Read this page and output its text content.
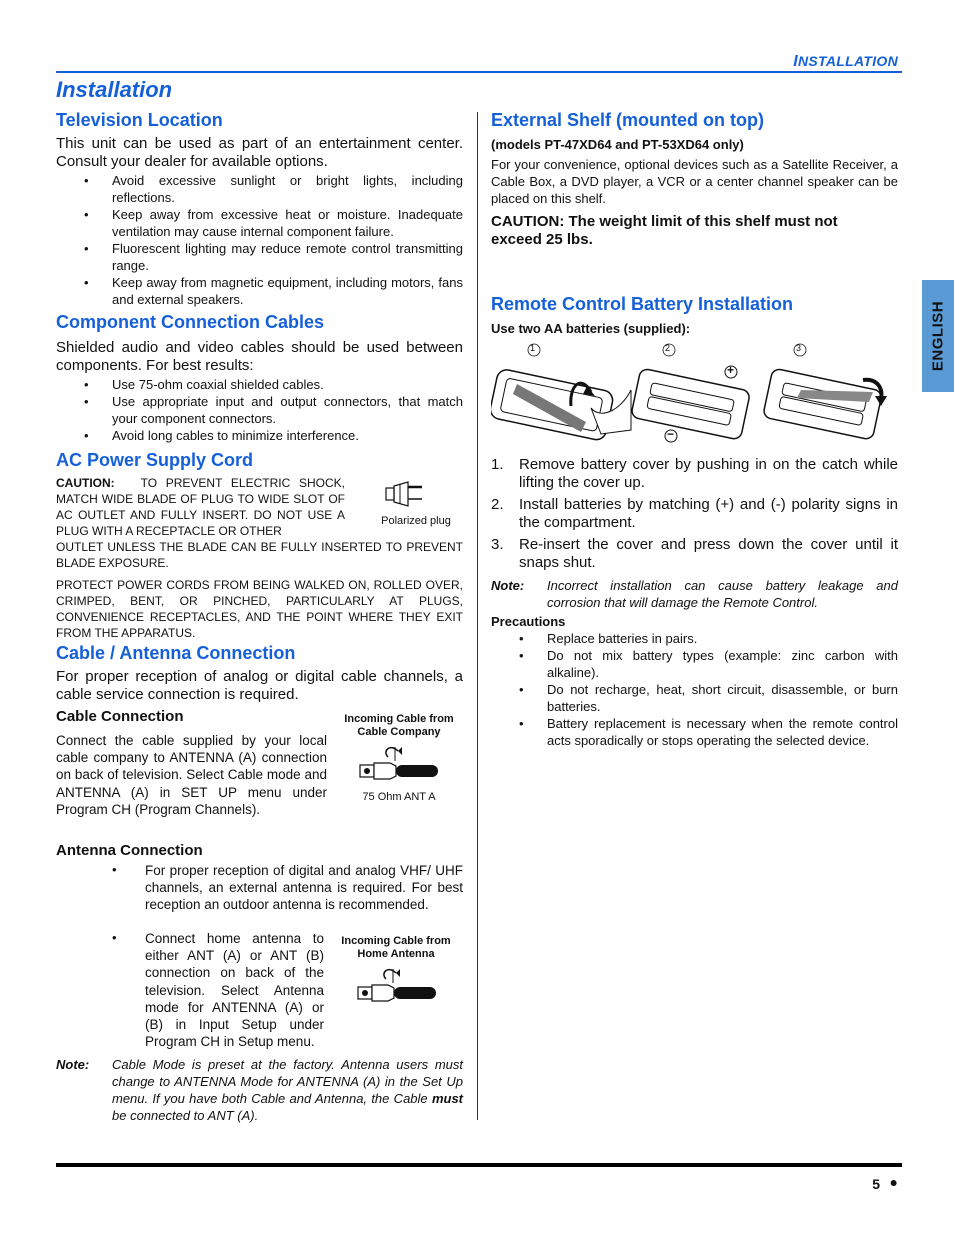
INSTALLATION
Installation
ENGLISH
Television Location

This unit can be used as part of an entertainment center. Consult your dealer for available options.

• Avoid excessive sunlight or bright lights, including reflections.
• Keep away from excessive heat or moisture. Inadequate ventilation may cause internal component failure.
• Fluorescent lighting may reduce remote control transmitting range.
• Keep away from magnetic equipment, including motors, fans and external speakers.
Component Connection Cables

Shielded audio and video cables should be used between components. For best results:

• Use 75-ohm coaxial shielded cables.
• Use appropriate input and output connectors, that match your component connectors.
• Avoid long cables to minimize interference.
AC Power Supply Cord

CAUTION: TO PREVENT ELECTRIC SHOCK, MATCH WIDE BLADE OF PLUG TO WIDE SLOT OF AC OUTLET AND FULLY INSERT. DO NOT USE A PLUG WITH A RECEPTACLE OR OTHER

OUTLET UNLESS THE BLADE CAN BE FULLY INSERTED TO PREVENT BLADE EXPOSURE.

PROTECT POWER CORDS FROM BEING WALKED ON, ROLLED OVER, CRIMPED, BENT, OR PINCHED, PARTICULARLY AT PLUGS, CONVENIENCE RECEPTACLES, AND THE POINT WHERE THEY EXIT FROM THE APPARATUS.

Polarized plug
Cable / Antenna Connection

For proper reception of analog or digital cable channels, a cable service connection is required.

Cable Connection

Connect the cable supplied by your local cable company to ANTENNA (A) connection on back of television. Select Cable mode and ANTENNA (A) in SET UP menu under Program CH (Program Channels).

Incoming Cable from
Cable Company
75 Ohm ANT A
Antenna Connection
• For proper reception of digital and analog VHF/ UHF channels, an external antenna is required. For best reception an outdoor antenna is recommended.

• Connect home antenna to either ANT (A) or ANT (B) connection on back of the television. Select Antenna mode for ANTENNA (A) or (B) in Input Setup under Program CH in Setup menu.

Incoming Cable from
Home Antenna
Note: Cable Mode is preset at the factory. Antenna users must change to ANTENNA Mode for ANTENNA (A) in the Set Up menu. If you have both Cable and Antenna, the Cable must be connected to ANT (A).

External Shelf (mounted on top)

(models PT-47XD64 and PT-53XD64 only)

For your convenience, optional devices such as a Satellite Receiver, a Cable Box, a DVD player, a VCR or a center channel speaker can be placed on this shelf.

CAUTION: The weight limit of this shelf must not exceed 25 lbs.

Remote Control Battery Installation

Use two AA batteries (supplied):

1	2	3
+
−
1. Remove battery cover by pushing in on the catch while lifting the cover up.
2. Install batteries by matching (+) and (-) polarity signs in the compartment.
3. Re-insert the cover and press down the cover until it snaps shut.
Note: Incorrect installation can cause battery leakage and corrosion that will damage the Remote Control.

Precautions

• Replace batteries in pairs.
• Do not mix battery types (example: zinc carbon with alkaline).
• Do not recharge, heat, short circuit, disassemble, or burn batteries.
• Battery replacement is necessary when the remote control acts sporadically or stops operating the selected device.
5 ●
